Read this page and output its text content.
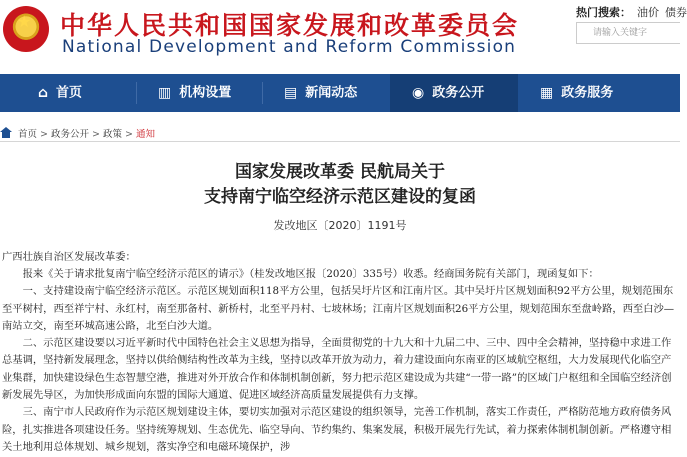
★ 中华人民共和国国家发展和改革委员会
National Development and Reform Commission
热门搜索： 油价 债券
请输入关键字
⌂ 首页	▥ 机构设置	▤ 新闻动态	◉ 政务公开	▦ 政务服务
首页 > 政务公开 > 政策 > 通知
国家发展改革委 民航局关于
支持南宁临空经济示范区建设的复函
发改地区〔2020〕1191号
广西壮族自治区发展改革委：

报来《关于请求批复南宁临空经济示范区的请示》（桂发改地区报〔2020〕335号）收悉。经商国务院有关部门，现函复如下：

一、支持建设南宁临空经济示范区。示范区规划面积118平方公里，包括吴圩片区和江南片区。其中吴圩片区规划面积92平方公里，规划范围东至平树村，西至祥宁村、永红村，南至那备村、新桥村，北至平丹村、七坡林场；江南片区规划面积26平方公里，规划范围东至盘岭路，西至白沙—南站立交，南至环城高速公路，北至白沙大道。

二、示范区建设要以习近平新时代中国特色社会主义思想为指导，全面贯彻党的十九大和十九届二中、三中、四中全会精神，坚持稳中求进工作总基调，坚持新发展理念，坚持以供给侧结构性改革为主线，坚持以改革开放为动力，着力建设面向东南亚的区域航空枢纽，大力发展现代化临空产业集群，加快建设绿色生态智慧空港，推进对外开放合作和体制机制创新，努力把示范区建设成为共建“一带一路”的区域门户枢纽和全国临空经济创新发展先导区，为加快形成面向东盟的国际大通道、促进区域经济高质量发展提供有力支撑。

三、南宁市人民政府作为示范区规划建设主体，要切实加强对示范区建设的组织领导，完善工作机制，落实工作责任，严格防范地方政府债务风险，扎实推进各项建设任务。坚持统筹规划、生态优先、临空导向、节约集约、集案发展，积极开展先行先试，着力探索体制机制创新。严格遵守相关土地利用总体规划、城乡规划，落实净空和电磁环境保护，涉
